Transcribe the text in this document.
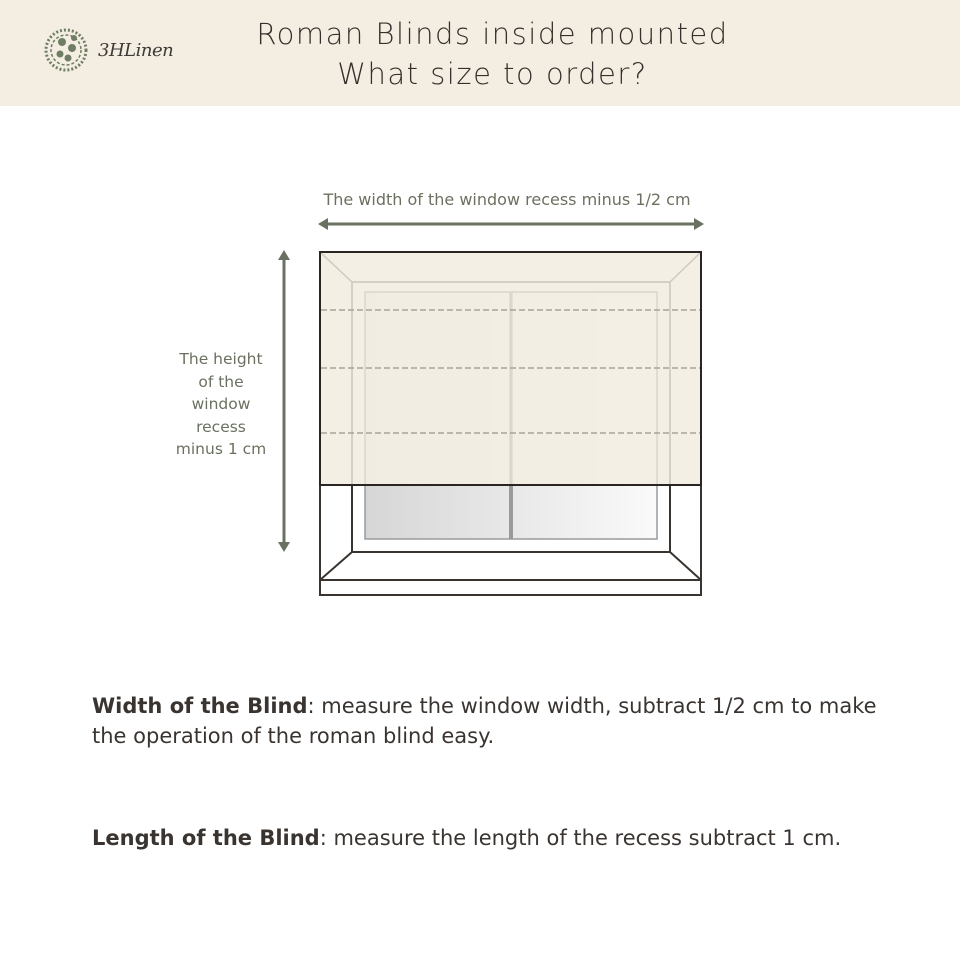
3HLinen	Roman Blinds inside mounted
What size to order?
The width of the window recess minus 1/2 cm
The height
of the
window
recess
minus 1 cm
Width of the Blind: measure the window width, subtract 1/2 cm to make the operation of the roman blind easy.
Length of the Blind: measure the length of the recess subtract 1 cm.
